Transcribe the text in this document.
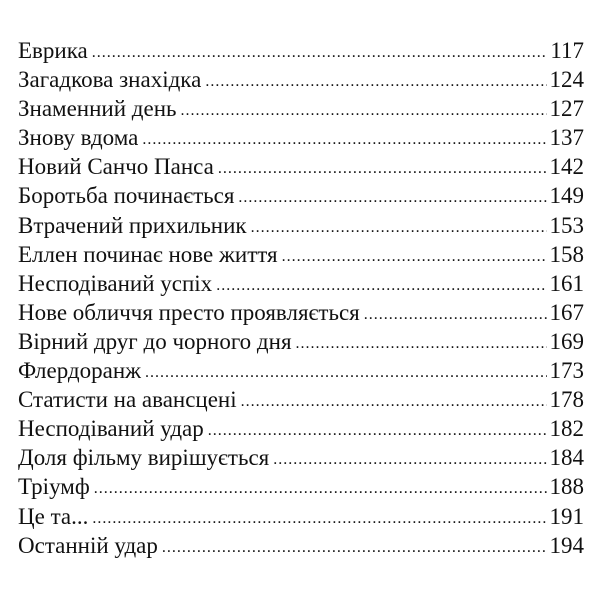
Еврика .....	117
Загадкова знахідка .....	124
Знаменний день .....	127
Знову вдома .....	137
Новий Санчо Панса .....	142
Боротьба починається .....	149
Втрачений прихильник .....	153
Еллен починає нове життя .....	158
Несподіваний успіх .....	161
Нове обличчя престо проявляється .....	167
Вірний друг до чорного дня .....	169
Флердоранж .....	173
Статисти на авансцені .....	178
Несподіваний удар .....	182
Доля фільму вирішується .....	184
Тріумф .....	188
Це та... .....	191
Останній удар .....	194
